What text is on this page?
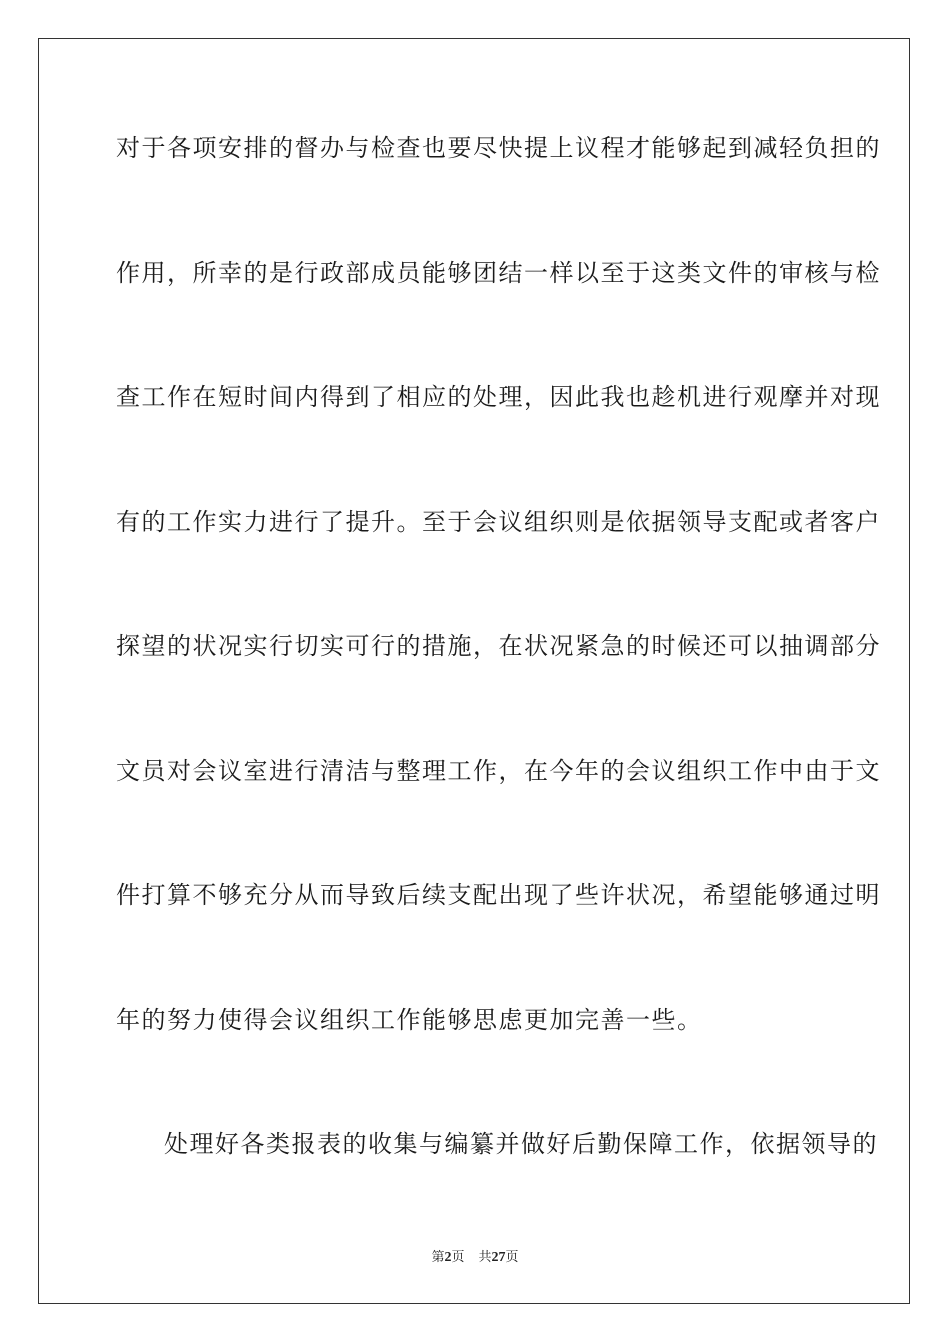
对于各项安排的督办与检查也要尽快提上议程才能够起到减轻负担的
作用，所幸的是行政部成员能够团结一样以至于这类文件的审核与检
查工作在短时间内得到了相应的处理，因此我也趁机进行观摩并对现
有的工作实力进行了提升。至于会议组织则是依据领导支配或者客户
探望的状况实行切实可行的措施，在状况紧急的时候还可以抽调部分
文员对会议室进行清洁与整理工作，在今年的会议组织工作中由于文
件打算不够充分从而导致后续支配出现了些许状况，希望能够通过明
年的努力使得会议组织工作能够思虑更加完善一些。
处理好各类报表的收集与编纂并做好后勤保障工作，依据领导的
第2页 共27页
